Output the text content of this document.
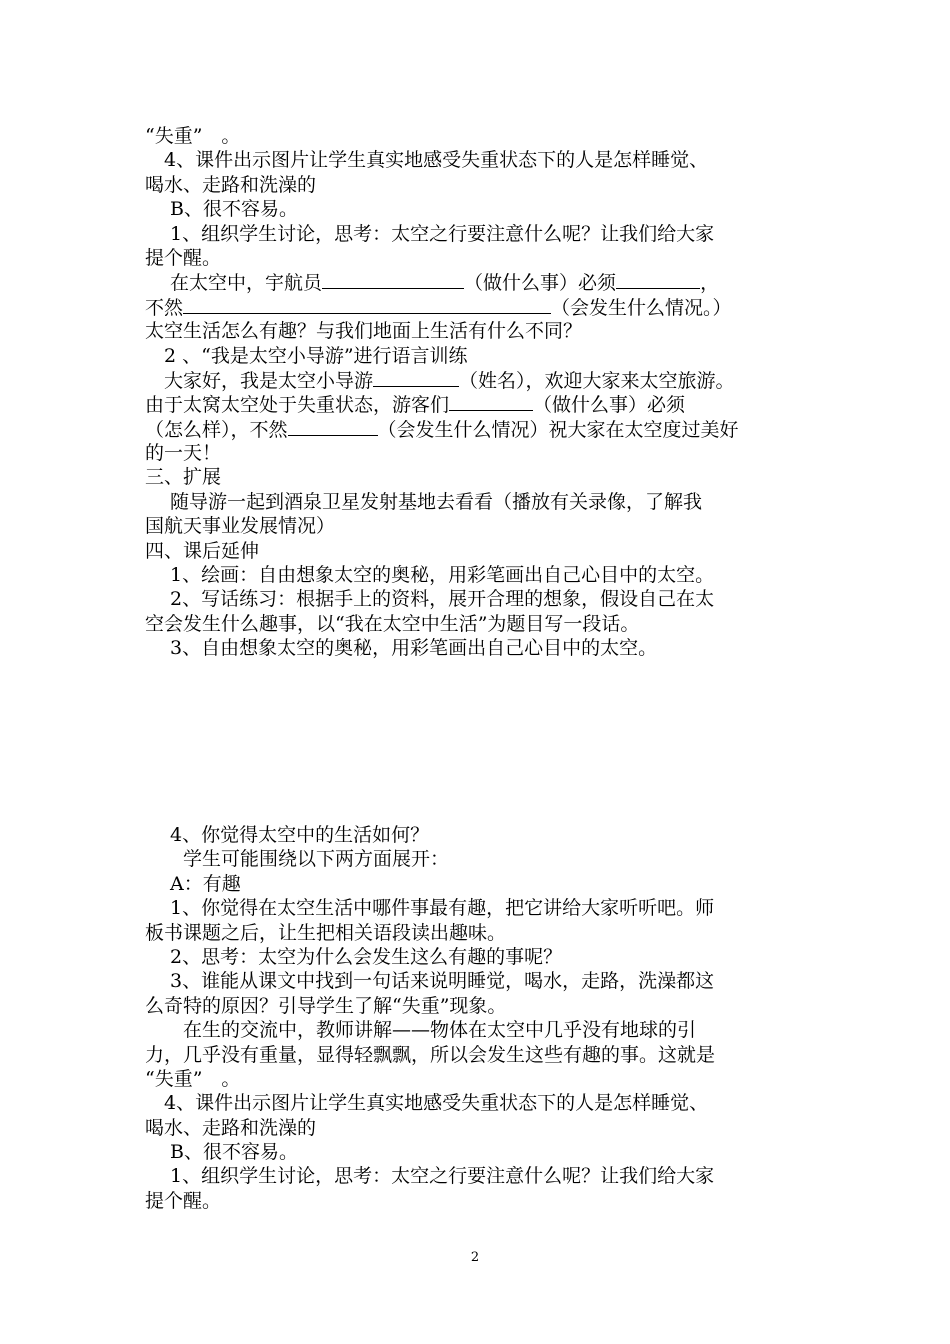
“失重”　。
　4、课件出示图片让学生真实地感受失重状态下的人是怎样睡觉、
喝水、走路和洗澡的
　 B、很不容易。
　 1、组织学生讨论，思考：太空之行要注意什么呢？让我们给大家
提个醒。
　 在太空中，宇航员	（做什么事）必须	，
不然	（会发生什么情况。）
太空生活怎么有趣？与我们地面上生活有什么不同？
　2 、“我是太空小导游”进行语言训练
　大家好，我是太空小导游	（姓名），欢迎大家来太空旅游。
由于太窝太空处于失重状态，游客们	（做什么事）必须
（怎么样），不然	（会发生什么情况）祝大家在太空度过美好
的一天！
三、扩展
　 随导游一起到酒泉卫星发射基地去看看（播放有关录像，了解我
国航天事业发展情况）
四、课后延伸
　 1、绘画：自由想象太空的奥秘，用彩笔画出自己心目中的太空。
　 2、写话练习：根据手上的资料，展开合理的想象，假设自己在太
空会发生什么趣事，以“我在太空中生活”为题目写一段话。
　 3、自由想象太空的奥秘，用彩笔画出自己心目中的太空。
　 4、你觉得太空中的生活如何？
　　学生可能围绕以下两方面展开：
　 A：有趣
　 1、你觉得在太空生活中哪件事最有趣，把它讲给大家听听吧。师
板书课题之后，让生把相关语段读出趣味。
　 2、思考：太空为什么会发生这么有趣的事呢？
　 3、谁能从课文中找到一句话来说明睡觉，喝水，走路，洗澡都这
么奇特的原因？引导学生了解“失重”现象。
　　在生的交流中，教师讲解——物体在太空中几乎没有地球的引
力，几乎没有重量，显得轻飘飘，所以会发生这些有趣的事。这就是
“失重”　。
　4、课件出示图片让学生真实地感受失重状态下的人是怎样睡觉、
喝水、走路和洗澡的
　 B、很不容易。
　 1、组织学生讨论，思考：太空之行要注意什么呢？让我们给大家
提个醒。
2
